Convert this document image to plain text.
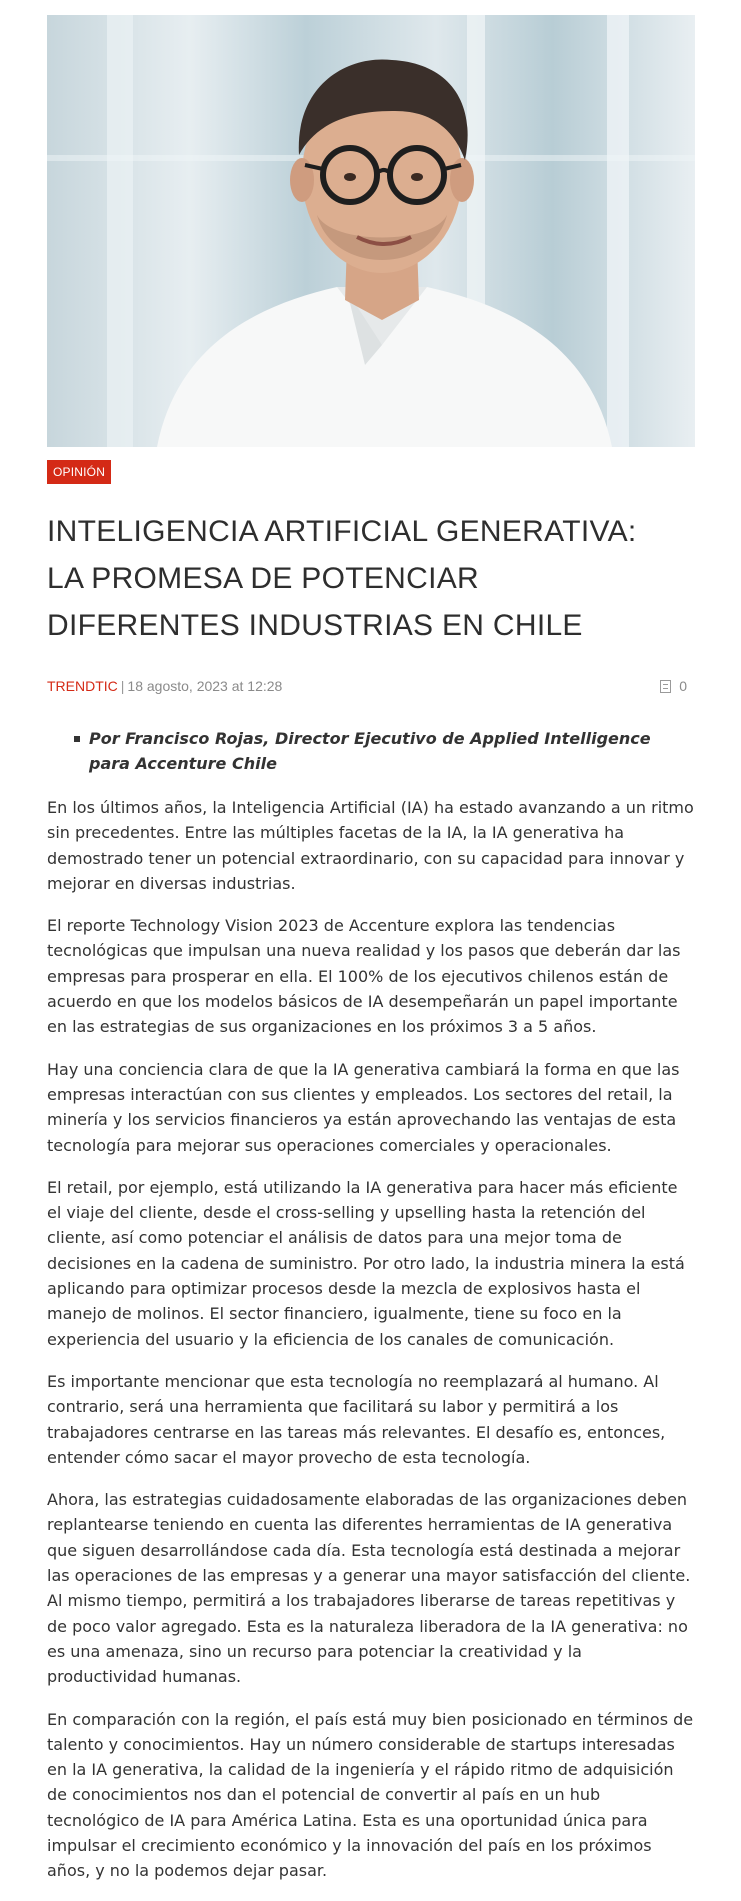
OPINIÓN
INTELIGENCIA ARTIFICIAL GENERATIVA: LA PROMESA DE POTENCIAR DIFERENTES INDUSTRIAS EN CHILE
TRENDTIC | 18 agosto, 2023 at 12:28	0
Por Francisco Rojas, Director Ejecutivo de Applied Intelligence para Accenture Chile

En los últimos años, la Inteligencia Artificial (IA) ha estado avanzando a un ritmo sin precedentes. Entre las múltiples facetas de la IA, la IA generativa ha demostrado tener un potencial extraordinario, con su capacidad para innovar y mejorar en diversas industrias.

El reporte Technology Vision 2023 de Accenture explora las tendencias tecnológicas que impulsan una nueva realidad y los pasos que deberán dar las empresas para prosperar en ella. El 100% de los ejecutivos chilenos están de acuerdo en que los modelos básicos de IA desempeñarán un papel importante en las estrategias de sus organizaciones en los próximos 3 a 5 años.

Hay una conciencia clara de que la IA generativa cambiará la forma en que las empresas interactúan con sus clientes y empleados. Los sectores del retail, la minería y los servicios financieros ya están aprovechando las ventajas de esta tecnología para mejorar sus operaciones comerciales y operacionales.

El retail, por ejemplo, está utilizando la IA generativa para hacer más eficiente el viaje del cliente, desde el cross-selling y upselling hasta la retención del cliente, así como potenciar el análisis de datos para una mejor toma de decisiones en la cadena de suministro. Por otro lado, la industria minera la está aplicando para optimizar procesos desde la mezcla de explosivos hasta el manejo de molinos. El sector financiero, igualmente, tiene su foco en la experiencia del usuario y la eficiencia de los canales de comunicación.

Es importante mencionar que esta tecnología no reemplazará al humano. Al contrario, será una herramienta que facilitará su labor y permitirá a los trabajadores centrarse en las tareas más relevantes. El desafío es, entonces, entender cómo sacar el mayor provecho de esta tecnología.

Ahora, las estrategias cuidadosamente elaboradas de las organizaciones deben replantearse teniendo en cuenta las diferentes herramientas de IA generativa que siguen desarrollándose cada día. Esta tecnología está destinada a mejorar las operaciones de las empresas y a generar una mayor satisfacción del cliente. Al mismo tiempo, permitirá a los trabajadores liberarse de tareas repetitivas y de poco valor agregado. Esta es la naturaleza liberadora de la IA generativa: no es una amenaza, sino un recurso para potenciar la creatividad y la productividad humanas.

En comparación con la región, el país está muy bien posicionado en términos de talento y conocimientos. Hay un número considerable de startups interesadas en la IA generativa, la calidad de la ingeniería y el rápido ritmo de adquisición de conocimientos nos dan el potencial de convertir al país en un hub tecnológico de IA para América Latina. Esta es una oportunidad única para impulsar el crecimiento económico y la innovación del país en los próximos años, y no la podemos dejar pasar.
